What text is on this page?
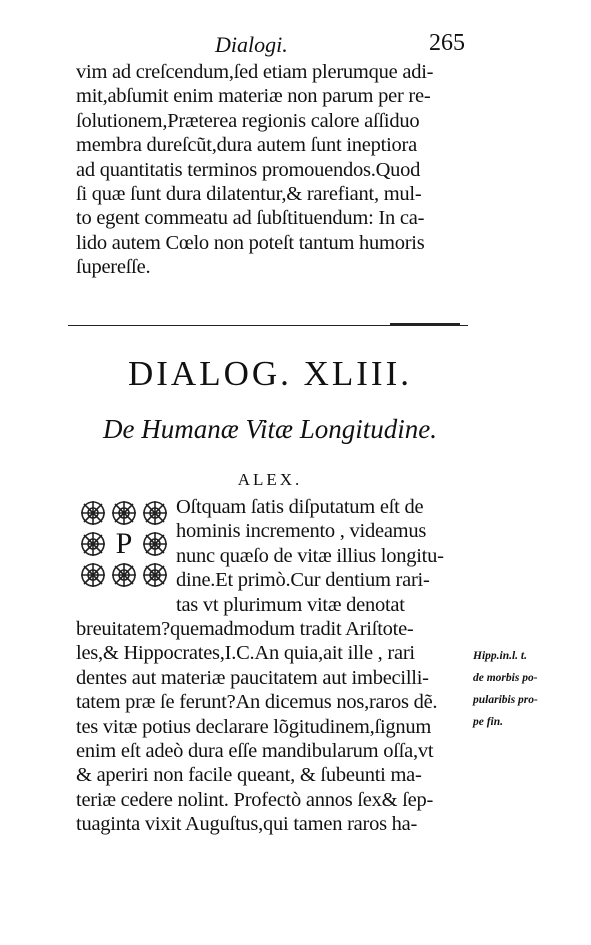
Dialogi.	265
vim ad creſcendum,ſed etiam plerumque adi-
mit,abſumit enim materiæ non parum per re-
ſolutionem,Præterea regionis calore aſſiduo
membra dureſcũt,dura autem ſunt ineptiora
ad quantitatis terminos promouendos.Quod
ſi quæ ſunt dura dilatentur,& rarefiant, mul-
to egent commeatu ad ſubſtituendum: In ca-
lido autem Cœlo non poteſt tantum humoris
ſupereſſe.
DIALOG. XLIII.
De Humanæ Vitæ Longitudine.
ALEX.
P
Oſtquam ſatis diſputatum eſt de
hominis incremento , videamus
nunc quæſo de vitæ illius longitu-
dine.Et primò.Cur dentium rari-
tas vt plurimum vitæ denotat
breuitatem?quemadmodum tradit Ariſtote-
les,& Hippocrates,I.C.An quia,ait ille , rari
dentes aut materiæ paucitatem aut imbecilli-
tatem præ ſe ferunt?An dicemus nos,raros dẽ.
tes vitæ potius declarare lõgitudinem,ſignum
enim eſt adeò dura eſſe mandibularum oſſa,vt
& aperiri non facile queant, & ſubeunti ma-
teriæ cedere nolint. Profectò annos ſex& ſep-
tuaginta vixit Auguſtus,qui tamen raros ha-
Hipp.in.l. t.
de morbis po-
pularibis pro-
pe fin.
